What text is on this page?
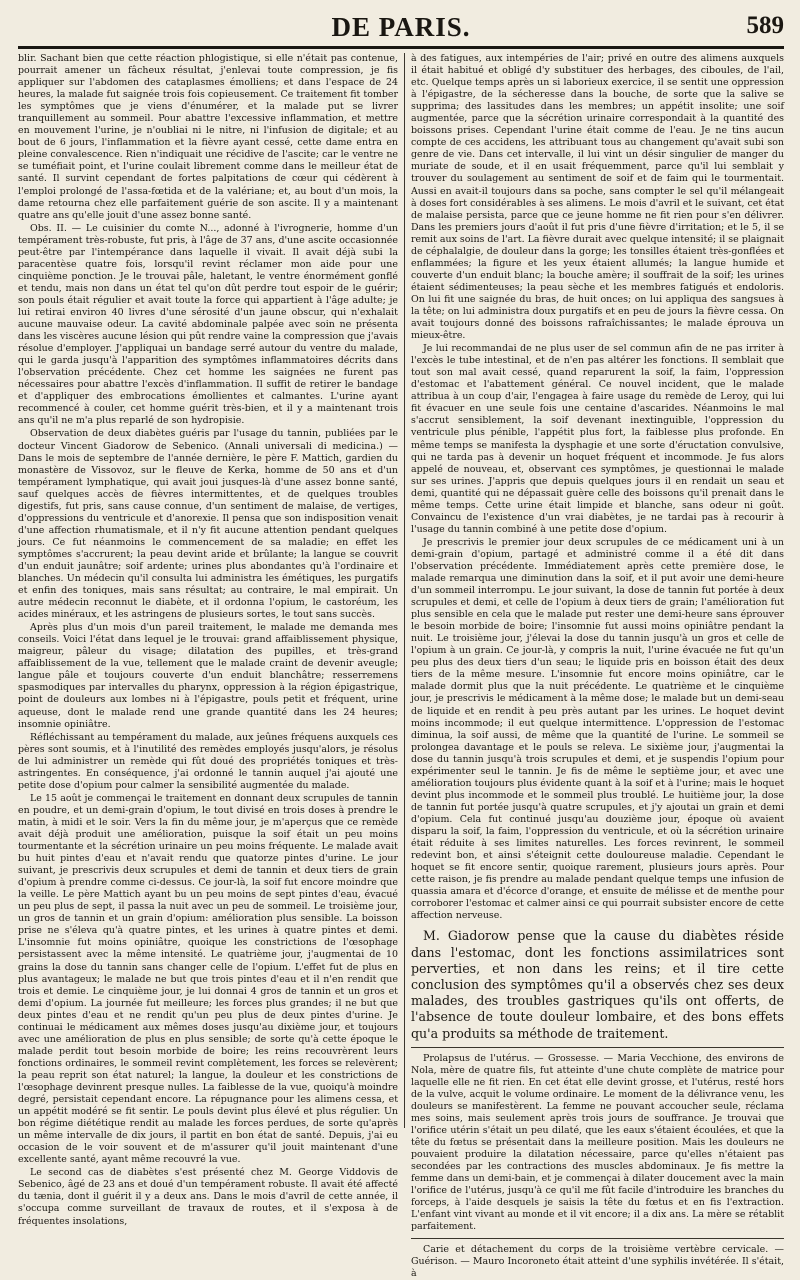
DE PARIS.	589

blir. Sachant bien que cette réaction phlogistique, si elle n'était pas contenue, pourrait amener un fâcheux résultat, j'enlevai toute compression, je fis appliquer sur l'abdomen des cataplasmes émolliens; et dans l'espace de 24 heures, la malade fut saignée trois fois copieusement. Ce traitement fit tomber les symptômes que je viens d'énumérer, et la malade put se livrer tranquillement au sommeil. Pour abattre l'excessive inflammation, et mettre en mouvement l'urine, je n'oubliai ni le nitre, ni l'infusion de digitale; et au bout de 6 jours, l'inflammation et la fièvre ayant cessé, cette dame entra en pleine convalescence. Rien n'indiquait une récidive de l'ascite; car le ventre ne se tuméfiait point, et l'urine coulait librement comme dans le meilleur état de santé. Il survint cependant de fortes palpitations de cœur qui cédèrent à l'emploi prolongé de l'assa-fœtida et de la valériane; et, au bout d'un mois, la dame retourna chez elle parfaitement guérie de son ascite. Il y a maintenant quatre ans qu'elle jouit d'une assez bonne santé.

Obs. II. — Le cuisinier du comte N..., adonné à l'ivrognerie, homme d'un tempérament très-robuste, fut pris, à l'âge de 37 ans, d'une ascite occasionnée peut-être par l'intempérance dans laquelle il vivait. Il avait déjà subi la paracentèse quatre fois, lorsqu'il revint réclamer mon aide pour une cinquième ponction. Je le trouvai pâle, haletant, le ventre énormément gonflé et tendu, mais non dans un état tel qu'on dût perdre tout espoir de le guérir; son pouls était régulier et avait toute la force qui appartient à l'âge adulte; je lui retirai environ 40 livres d'une sérosité d'un jaune obscur, qui n'exhalait aucune mauvaise odeur. La cavité abdominale palpée avec soin ne présenta dans les viscères aucune lésion qui pût rendre vaine la compression que j'avais résolue d'employer. J'appliquai un bandage serré autour du ventre du malade, qui le garda jusqu'à l'apparition des symptômes inflammatoires décrits dans l'observation précédente. Chez cet homme les saignées ne furent pas nécessaires pour abattre l'excès d'inflammation. Il suffit de retirer le bandage et d'appliquer des embrocations émollientes et calmantes. L'urine ayant recommencé à couler, cet homme guérit très-bien, et il y a maintenant trois ans qu'il ne m'a plus reparlé de son hydropisie.

Observation de deux diabètes guéris par l'usage du tannin, publiées par le docteur Vincent Giadorow de Sebenico. (Annali universali di medicina.) — Dans le mois de septembre de l'année dernière, le père F. Mattich, gardien du monastère de Vissovoz, sur le fleuve de Kerka, homme de 50 ans et d'un tempérament lymphatique, qui avait joui jusques-là d'une assez bonne santé, sauf quelques accès de fièvres intermittentes, et de quelques troubles digestifs, fut pris, sans cause connue, d'un sentiment de malaise, de vertiges, d'oppressions du ventricule et d'anorexie. Il pensa que son indisposition venait d'une affection rhumatismale, et il n'y fit aucune attention pendant quelques jours. Ce fut néanmoins le commencement de sa maladie; en effet les symptômes s'accrurent; la peau devint aride et brûlante; la langue se couvrit d'un enduit jaunâtre; soif ardente; urines plus abondantes qu'à l'ordinaire et blanches. Un médecin qu'il consulta lui administra les émétiques, les purgatifs et enfin des toniques, mais sans résultat; au contraire, le mal empirait. Un autre médecin reconnut le diabète, et il ordonna l'opium, le castoréum, les acides minéraux, et les astringens de plusieurs sortes, le tout sans succès.

Après plus d'un mois d'un pareil traitement, le malade me demanda mes conseils. Voici l'état dans lequel je le trouvai: grand affaiblissement physique, maigreur, pâleur du visage; dilatation des pupilles, et très-grand affaiblissement de la vue, tellement que le malade craint de devenir aveugle; langue pâle et toujours couverte d'un enduit blanchâtre; resserremens spasmodiques par intervalles du pharynx, oppression à la région épigastrique, point de douleurs aux lombes ni à l'épigastre, pouls petit et fréquent, urine aqueuse, dont le malade rend une grande quantité dans les 24 heures; insomnie opiniâtre.

Réfléchissant au tempérament du malade, aux jeûnes fréquens auxquels ces pères sont soumis, et à l'inutilité des remèdes employés jusqu'alors, je résolus de lui administrer un remède qui fût doué des propriétés toniques et très-astringentes. En conséquence, j'ai ordonné le tannin auquel j'ai ajouté une petite dose d'opium pour calmer la sensibilité augmentée du malade.

Le 15 août je commençai le traitement en donnant deux scrupules de tannin en poudre, et un demi-grain d'opium, le tout divisé en trois doses à prendre le matin, à midi et le soir. Vers la fin du même jour, je m'aperçus que ce remède avait déjà produit une amélioration, puisque la soif était un peu moins tourmentante et la sécrétion urinaire un peu moins fréquente. Le malade avait bu huit pintes d'eau et n'avait rendu que quatorze pintes d'urine. Le jour suivant, je prescrivis deux scrupules et demi de tannin et deux tiers de grain d'opium à prendre comme ci-dessus. Ce jour-là, la soif fut encore moindre que la veille. Le père Mattich ayant bu un peu moins de sept pintes d'eau, évacué un peu plus de sept, il passa la nuit avec un peu de sommeil. Le troisième jour, un gros de tannin et un grain d'opium: amélioration plus sensible. La boisson prise ne s'éleva qu'à quatre pintes, et les urines à quatre pintes et demi. L'insomnie fut moins opiniâtre, quoique les constrictions de l'œsophage persistassent avec la même intensité. Le quatrième jour, j'augmentai de 10 grains la dose du tannin sans changer celle de l'opium. L'effet fut de plus en plus avantageux; le malade ne but que trois pintes d'eau et il n'en rendit que trois et demie. Le cinquième jour, je lui donnai 4 gros de tannin et un gros et demi d'opium. La journée fut meilleure; les forces plus grandes; il ne but que deux pintes d'eau et ne rendit qu'un peu plus de deux pintes d'urine. Je continuai le médicament aux mêmes doses jusqu'au dixième jour, et toujours avec une amélioration de plus en plus sensible; de sorte qu'à cette époque le malade perdit tout besoin morbide de boire; les reins recouvrèrent leurs fonctions ordinaires, le sommeil revint complètement, les forces se relevèrent; la peau reprit son état naturel; la langue, la douleur et les constrictions de l'œsophage devinrent presque nulles. La faiblesse de la vue, quoiqu'à moindre degré, persistait cependant encore. La répugnance pour les alimens cessa, et un appétit modéré se fit sentir. Le pouls devint plus élevé et plus régulier. Un bon régime diététique rendit au malade les forces perdues, de sorte qu'après un même intervalle de dix jours, il partit en bon état de santé. Depuis, j'ai eu occasion de le voir souvent et de m'assurer qu'il jouit maintenant d'une excellente santé, ayant même recouvré la vue.

Le second cas de diabètes s'est présenté chez M. George Viddovis de Sebenico, âgé de 23 ans et doué d'un tempérament robuste. Il avait été affecté du tænia, dont il guérit il y a deux ans. Dans le mois d'avril de cette année, il s'occupa comme surveillant de travaux de routes, et il s'exposa à de fréquentes insolations,

à des fatigues, aux intempéries de l'air; privé en outre des alimens auxquels il était habitué et obligé d'y substituer des herbages, des ciboules, de l'ail, etc. Quelque temps après un si laborieux exercice, il se sentit une oppression à l'épigastre, de la sécheresse dans la bouche, de sorte que la salive se supprima; des lassitudes dans les membres; un appétit insolite; une soif augmentée, parce que la sécrétion urinaire correspondait à la quantité des boissons prises. Cependant l'urine était comme de l'eau. Je ne tins aucun compte de ces accidens, les attribuant tous au changement qu'avait subi son genre de vie. Dans cet intervalle, il lui vint un désir singulier de manger du muriate de soude, et il en usait fréquemment, parce qu'il lui semblait y trouver du soulagement au sentiment de soif et de faim qui le tourmentait. Aussi en avait-il toujours dans sa poche, sans compter le sel qu'il mélangeait à doses fort considérables à ses alimens. Le mois d'avril et le suivant, cet état de malaise persista, parce que ce jeune homme ne fit rien pour s'en délivrer. Dans les premiers jours d'août il fut pris d'une fièvre d'irritation; et le 5, il se remit aux soins de l'art. La fièvre durait avec quelque intensité; il se plaignait de céphalalgie, de douleur dans la gorge; les tonsilles étaient très-gonflées et enflammées; la figure et les yeux étaient allumés; la langue humide et couverte d'un enduit blanc; la bouche amère; il souffrait de la soif; les urines étaient sédimenteuses; la peau sèche et les membres fatigués et endoloris. On lui fit une saignée du bras, de huit onces; on lui appliqua des sangsues à la tête; on lui administra doux purgatifs et en peu de jours la fièvre cessa. On avait toujours donné des boissons rafraîchissantes; le malade éprouva un mieux-être.

Je lui recommandai de ne plus user de sel commun afin de ne pas irriter à l'excès le tube intestinal, et de n'en pas altérer les fonctions. Il semblait que tout son mal avait cessé, quand reparurent la soif, la faim, l'oppression d'estomac et l'abattement général. Ce nouvel incident, que le malade attribua à un coup d'air, l'engagea à faire usage du remède de Leroy, qui lui fit évacuer en une seule fois une centaine d'ascarides. Néanmoins le mal s'accrut sensiblement, la soif devenant inextinguible, l'oppression du ventricule plus pénible, l'appétit plus fort, la faiblesse plus profonde. En même temps se manifesta la dysphagie et une sorte d'éructation convulsive, qui ne tarda pas à devenir un hoquet fréquent et incommode. Je fus alors appelé de nouveau, et, observant ces symptômes, je questionnai le malade sur ses urines. J'appris que depuis quelques jours il en rendait un seau et demi, quantité qui ne dépassait guère celle des boissons qu'il prenait dans le même temps. Cette urine était limpide et blanche, sans odeur ni goût. Convaincu de l'existence d'un vrai diabètes, je ne tardai pas à recourir à l'usage du tannin combiné à une petite dose d'opium.

Je prescrivis le premier jour deux scrupules de ce médicament uni à un demi-grain d'opium, partagé et administré comme il a été dit dans l'observation précédente. Immédiatement après cette première dose, le malade remarqua une diminution dans la soif, et il put avoir une demi-heure d'un sommeil interrompu. Le jour suivant, la dose de tannin fut portée à deux scrupules et demi, et celle de l'opium à deux tiers de grain; l'amélioration fut plus sensible en cela que le malade put rester une demi-heure sans éprouver le besoin morbide de boire; l'insomnie fut aussi moins opiniâtre pendant la nuit. Le troisième jour, j'élevai la dose du tannin jusqu'à un gros et celle de l'opium à un grain. Ce jour-là, y compris la nuit, l'urine évacuée ne fut qu'un peu plus des deux tiers d'un seau; le liquide pris en boisson était des deux tiers de la même mesure. L'insomnie fut encore moins opiniâtre, car le malade dormit plus que la nuit précédente. Le quatrième et le cinquième jour, je prescrivis le médicament à la même dose; le malade but un demi-seau de liquide et en rendit à peu près autant par les urines. Le hoquet devint moins incommode; il eut quelque intermittence. L'oppression de l'estomac diminua, la soif aussi, de même que la quantité de l'urine. Le sommeil se prolongea davantage et le pouls se releva. Le sixième jour, j'augmentai la dose du tannin jusqu'à trois scrupules et demi, et je suspendis l'opium pour expérimenter seul le tannin. Je fis de même le septième jour, et avec une amélioration toujours plus évidente quant à la soif et à l'urine; mais le hoquet devint plus incommode et le sommeil plus troublé. Le huitième jour, la dose de tannin fut portée jusqu'à quatre scrupules, et j'y ajoutai un grain et demi d'opium. Cela fut continué jusqu'au douzième jour, époque où avaient disparu la soif, la faim, l'oppression du ventricule, et où la sécrétion urinaire était réduite à ses limites naturelles. Les forces revinrent, le sommeil redevint bon, et ainsi s'éteignit cette douloureuse maladie. Cependant le hoquet se fit encore sentir, quoique rarement, plusieurs jours après. Pour cette raison, je fis prendre au malade pendant quelque temps une infusion de quassia amara et d'écorce d'orange, et ensuite de mélisse et de menthe pour corroborer l'estomac et calmer ainsi ce qui pourrait subsister encore de cette affection nerveuse.

M. Giadorow pense que la cause du diabètes réside dans l'estomac, dont les fonctions assimilatrices sont perverties, et non dans les reins; et il tire cette conclusion des symptômes qu'il a observés chez ses deux malades, des troubles gastriques qu'ils ont offerts, de l'absence de toute douleur lombaire, et des bons effets qu'a produits sa méthode de traitement.

Prolapsus de l'utérus. — Grossesse. — Maria Vecchione, des environs de Nola, mère de quatre fils, fut atteinte d'une chute complète de matrice pour laquelle elle ne fit rien. En cet état elle devint grosse, et l'utérus, resté hors de la vulve, acquit le volume ordinaire. Le moment de la délivrance venu, les douleurs se manifestèrent. La femme ne pouvant accoucher seule, réclama mes soins, mais seulement après trois jours de souffrance. Je trouvai que l'orifice utérin s'était un peu dilaté, que les eaux s'étaient écoulées, et que la tête du fœtus se présentait dans la meilleure position. Mais les douleurs ne pouvaient produire la dilatation nécessaire, parce qu'elles n'étaient pas secondées par les contractions des muscles abdominaux. Je fis mettre la femme dans un demi-bain, et je commençai à dilater doucement avec la main l'orifice de l'utérus, jusqu'à ce qu'il me fût facile d'introduire les branches du forceps, à l'aide desquels je saisis la tête du fœtus et en fis l'extraction. L'enfant vint vivant au monde et il vit encore; il a dix ans. La mère se rétablit parfaitement.

Carie et détachement du corps de la troisième vertèbre cervicale. — Guérison. — Mauro Incoroneto était atteint d'une syphilis invétérée. Il s'était, à
